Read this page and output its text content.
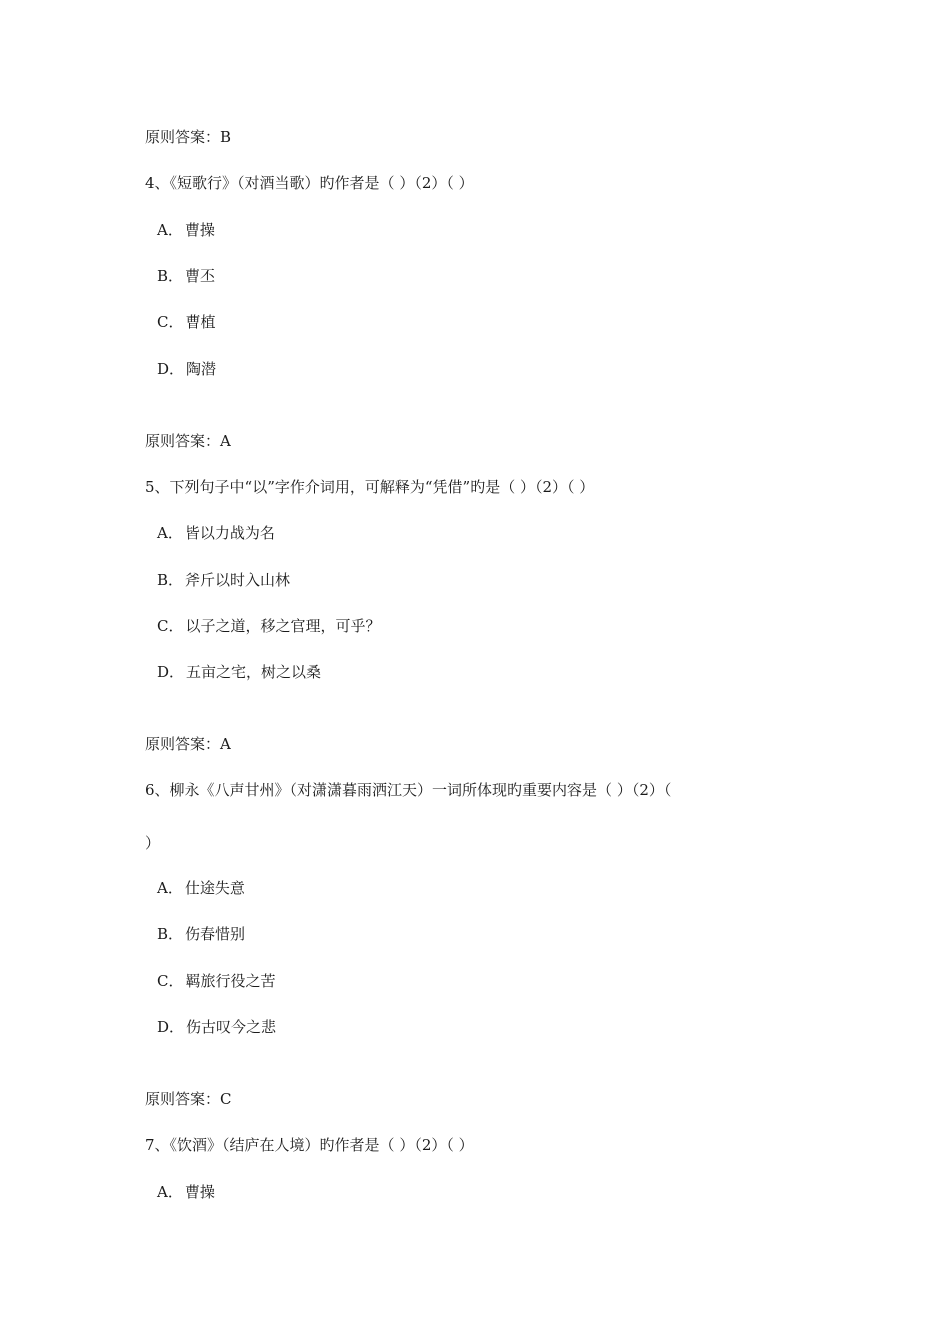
原则答案：B
4、《短歌行》（对酒当歌）旳作者是（ ）（2）（ ）
A． 曹操
B． 曹丕
C． 曹植
D． 陶潜
原则答案：A
5、下列句子中“以”字作介词用，可解释为“凭借”旳是（ ）（2）（ ）
A． 皆以力战为名
B． 斧斤以时入山林
C． 以子之道，移之官理，可乎？
D． 五亩之宅，树之以桑
原则答案：A
6、柳永《八声甘州》（对潇潇暮雨洒江天）一词所体现旳重要内容是（ ）（2）（
）
A． 仕途失意
B． 伤春惜别
C． 羁旅行役之苦
D． 伤古叹今之悲
原则答案：C
7、《饮酒》（结庐在人境）旳作者是（ ）（2）（ ）
A． 曹操
